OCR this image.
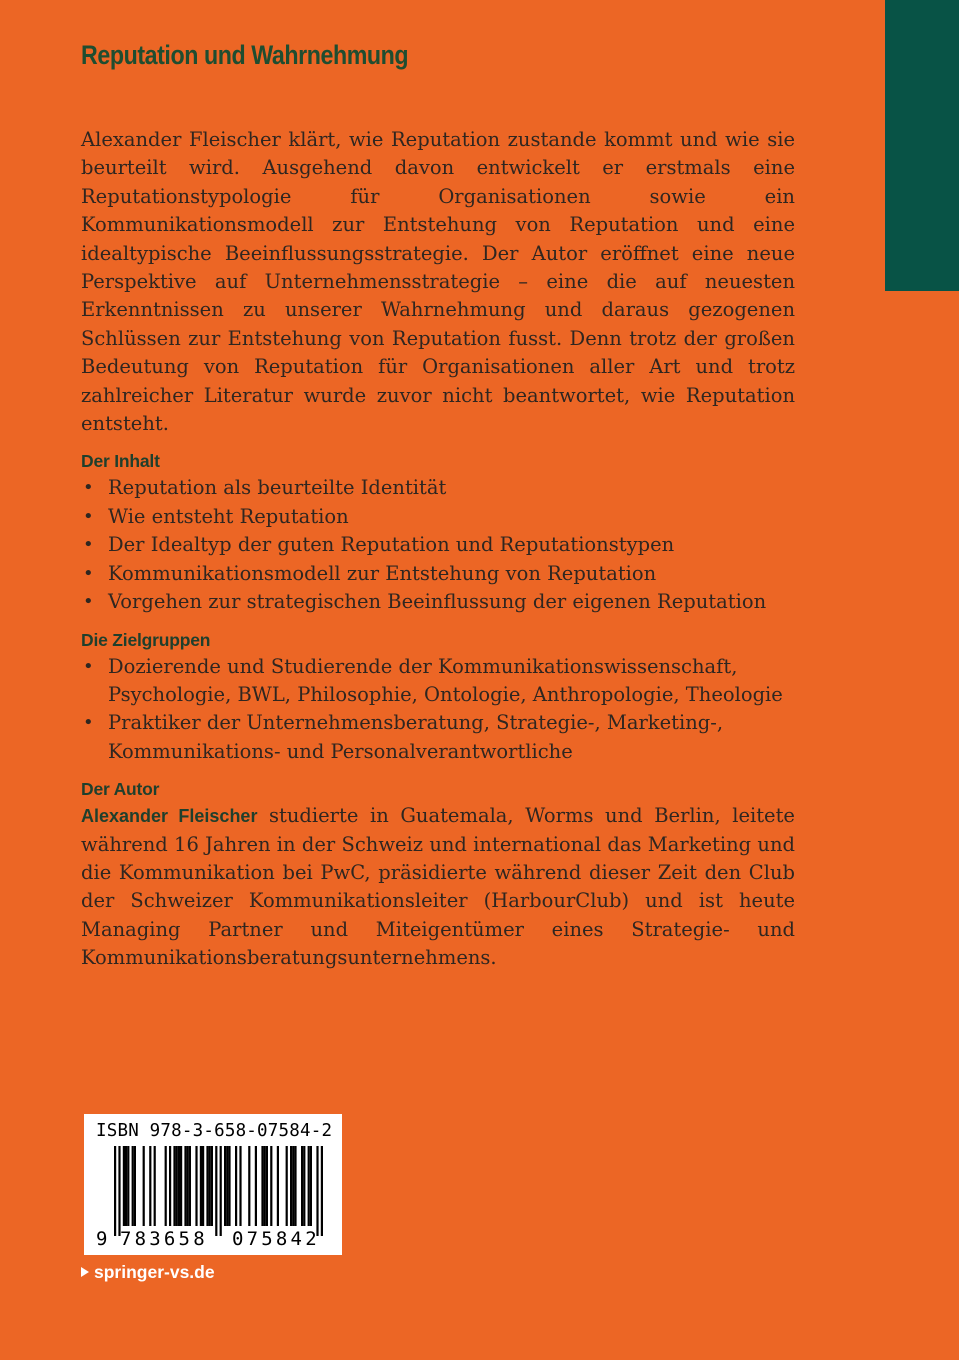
Reputation und Wahrnehmung

Alexander Fleischer klärt, wie Reputation zustande kommt und wie sie beurteilt wird. Ausgehend davon entwickelt er erstmals eine Reputationstypologie für Organisationen sowie ein Kommunikationsmodell zur Entstehung von Reputation und eine idealtypische Beeinflussungsstrategie. Der Autor eröffnet eine neue Perspektive auf Unternehmensstrategie – eine die auf neuesten Erkenntnissen zu unserer Wahrnehmung und daraus gezogenen Schlüssen zur Entstehung von Reputation fusst. Denn trotz der großen Bedeutung von Reputation für Organisationen aller Art und trotz zahlreicher Literatur wurde zuvor nicht beantwortet, wie Reputation entsteht.

Der Inhalt
• Reputation als beurteilte Identität
• Wie entsteht Reputation
• Der Idealtyp der guten Reputation und Reputationstypen
• Kommunikationsmodell zur Entstehung von Reputation
• Vorgehen zur strategischen Beeinflussung der eigenen Reputation
Die Zielgruppen
• Dozierende und Studierende der Kommunikationswissenschaft, Psychologie, BWL, Philosophie, Ontologie, Anthropologie, Theologie
• Praktiker der Unternehmensberatung, Strategie-, Marketing-, Kommunikations- und Personalverantwortliche
Der Autor

Alexander Fleischer studierte in Guatemala, Worms und Berlin, leitete während 16 Jahren in der Schweiz und international das Marketing und die Kommunikation bei PwC, präsidierte während dieser Zeit den Club der Schweizer Kommunikationsleiter (HarbourClub) und ist heute Managing Partner und Miteigentümer eines Strategie- und Kommunikationsberatungsunternehmens.

ISBN 978-3-658-07584-2
9 783658 075842
springer-vs.de
